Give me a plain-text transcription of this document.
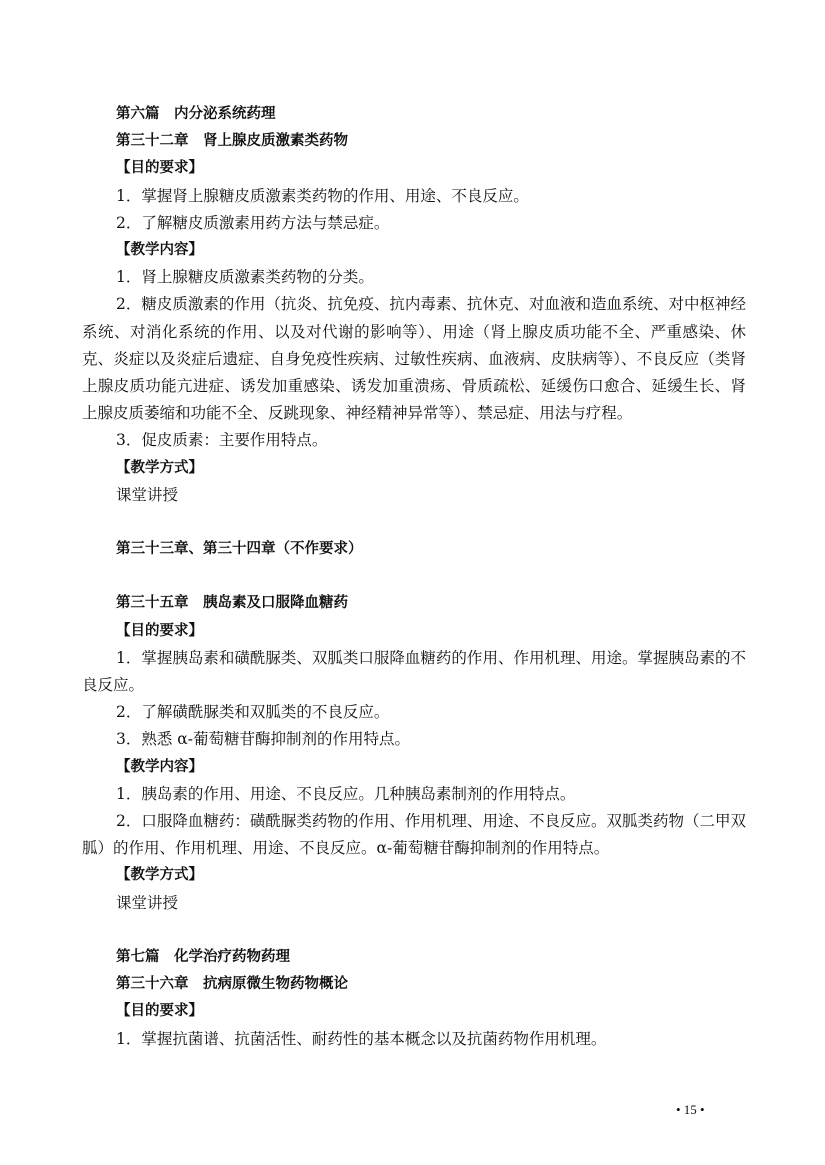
第六篇　内分泌系统药理
第三十二章　肾上腺皮质激素类药物
【目的要求】
1．掌握肾上腺糖皮质激素类药物的作用、用途、不良反应。
2．了解糖皮质激素用药方法与禁忌症。
【教学内容】
1．肾上腺糖皮质激素类药物的分类。
2．糖皮质激素的作用（抗炎、抗免疫、抗内毒素、抗休克、对血液和造血系统、对中枢神经系统、对消化系统的作用、以及对代谢的影响等）、用途（肾上腺皮质功能不全、严重感染、休克、炎症以及炎症后遗症、自身免疫性疾病、过敏性疾病、血液病、皮肤病等）、不良反应（类肾上腺皮质功能亢进症、诱发加重感染、诱发加重溃疡、骨质疏松、延缓伤口愈合、延缓生长、肾上腺皮质萎缩和功能不全、反跳现象、神经精神异常等）、禁忌症、用法与疗程。
3．促皮质素：主要作用特点。
【教学方式】
课堂讲授
第三十三章、第三十四章（不作要求）
第三十五章　胰岛素及口服降血糖药
【目的要求】
1．掌握胰岛素和磺酰脲类、双胍类口服降血糖药的作用、作用机理、用途。掌握胰岛素的不良反应。
2．了解磺酰脲类和双胍类的不良反应。
3．熟悉 α-葡萄糖苷酶抑制剂的作用特点。
【教学内容】
1．胰岛素的作用、用途、不良反应。几种胰岛素制剂的作用特点。
2．口服降血糖药：磺酰脲类药物的作用、作用机理、用途、不良反应。双胍类药物（二甲双胍）的作用、作用机理、用途、不良反应。α-葡萄糖苷酶抑制剂的作用特点。
【教学方式】
课堂讲授
第七篇　化学治疗药物药理
第三十六章　抗病原微生物药物概论
【目的要求】
1．掌握抗菌谱、抗菌活性、耐药性的基本概念以及抗菌药物作用机理。
• 15 •
